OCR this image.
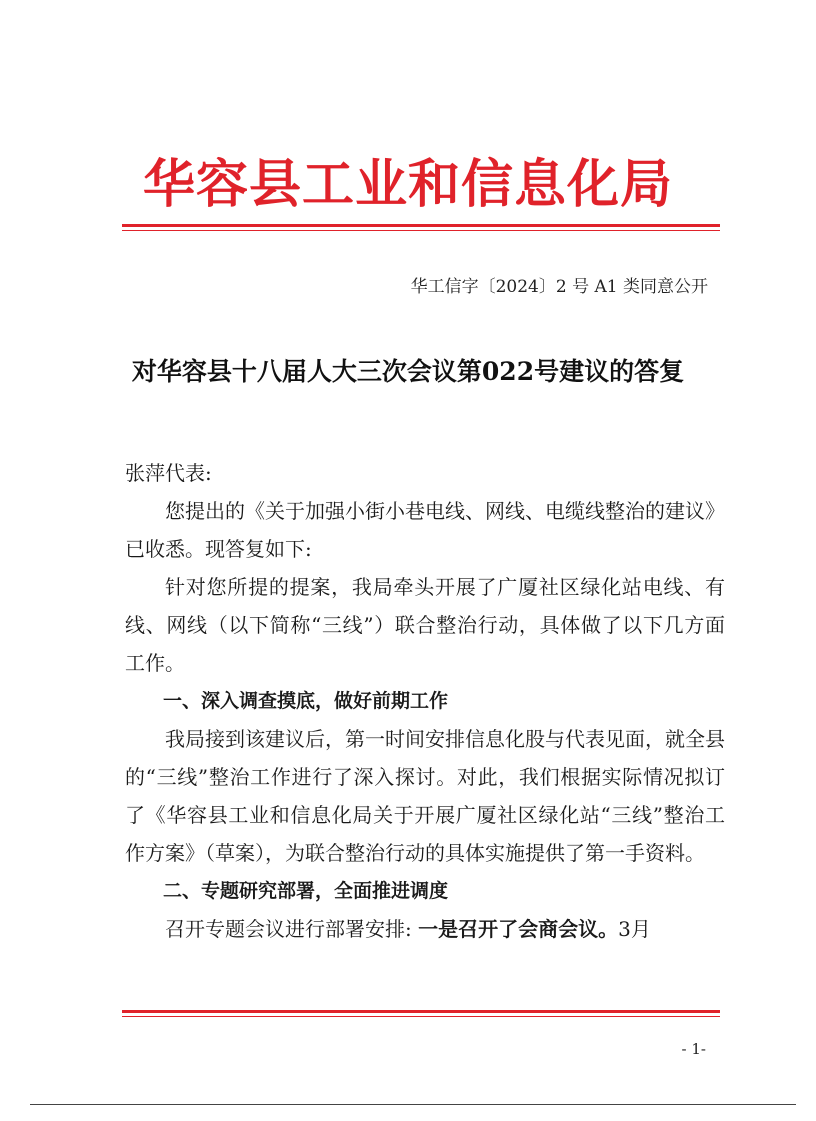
华容县工业和信息化局
华工信字〔2024〕2 号 A1 类同意公开
对华容县十八届人大三次会议第022号建议的答复

张萍代表:

您提出的《关于加强小街小巷电线、网线、电缆线整治的建议》已收悉。现答复如下:

针对您所提的提案，我局牵头开展了广厦社区绿化站电线、有线、网线（以下简称“三线”）联合整治行动，具体做了以下几方面工作。

一、深入调查摸底，做好前期工作

我局接到该建议后，第一时间安排信息化股与代表见面，就全县的“三线”整治工作进行了深入探讨。对此，我们根据实际情况拟订了《华容县工业和信息化局关于开展广厦社区绿化站“三线”整治工作方案》（草案），为联合整治行动的具体实施提供了第一手资料。

二、专题研究部署，全面推进调度

召开专题会议进行部署安排: 一是召开了会商会议。3月

- 1-
